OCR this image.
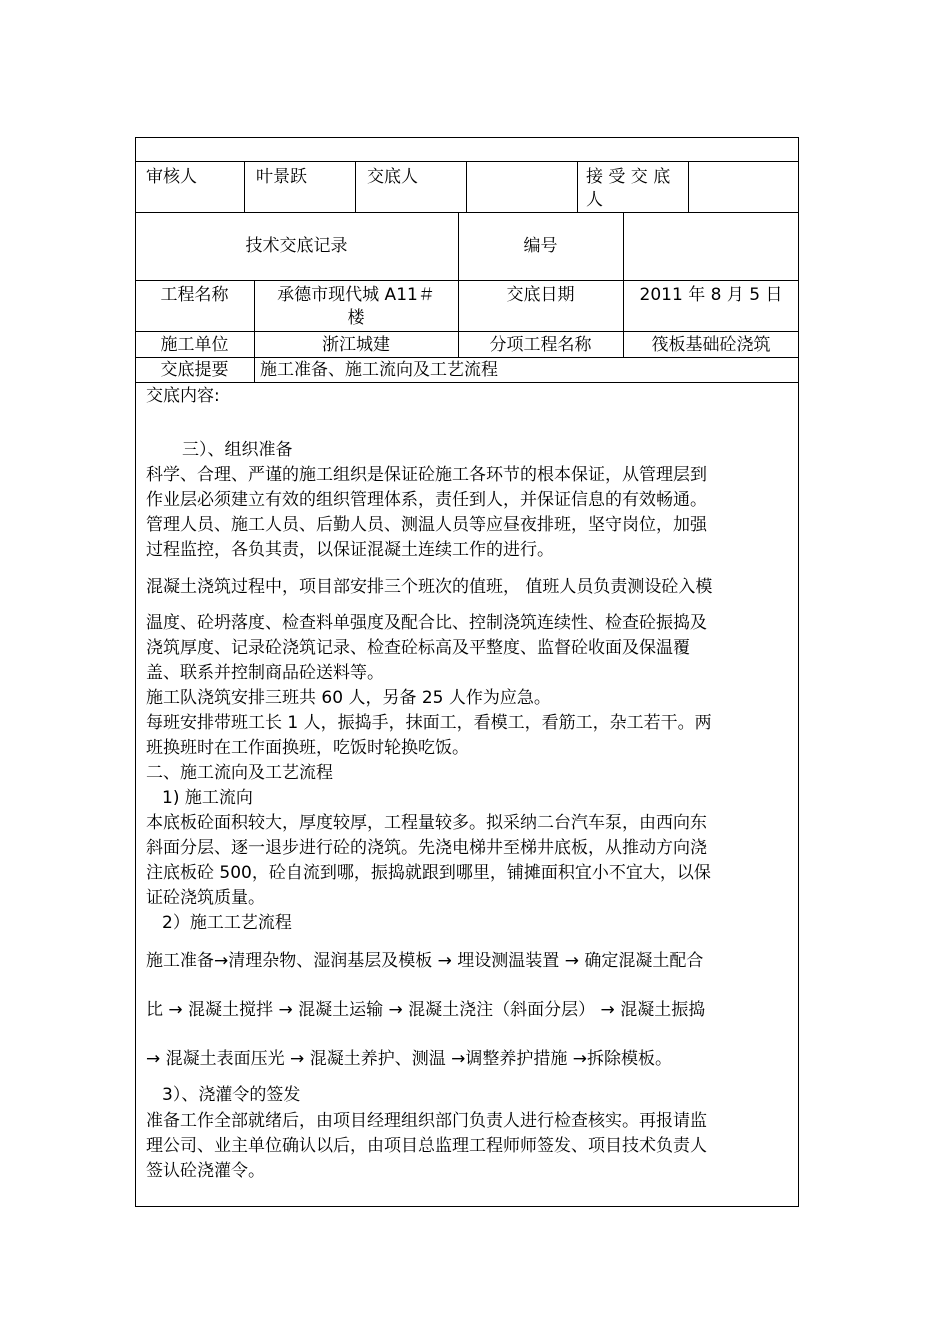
审核人	叶景跃	交底人	接 受 交 底
人
技术交底记录	编号
工程名称	承德市现代城 A11＃
楼
交底日期	2011 年 8 月 5 日
施工单位	浙江城建	分项工程名称	筏板基础砼浇筑
交底提要	施工准备、施工流向及工艺流程
交底内容:
三）、组织准备
科学、合理、严谨的施工组织是保证砼施工各环节的根本保证，从管理层到
作业层必须建立有效的组织管理体系，责任到人，并保证信息的有效畅通。
管理人员、施工人员、后勤人员、测温人员等应昼夜排班，坚守岗位，加强
过程监控，各负其责，以保证混凝土连续工作的进行。
混凝土浇筑过程中，项目部安排三个班次的值班， 值班人员负责测设砼入模
温度、砼坍落度、检查料单强度及配合比、控制浇筑连续性、检查砼振捣及
浇筑厚度、记录砼浇筑记录、检查砼标高及平整度、监督砼收面及保温覆
盖、联系并控制商品砼送料等。
施工队浇筑安排三班共 60 人，另备 25 人作为应急。
每班安排带班工长 1 人，振捣手，抹面工，看模工，看筋工，杂工若干。两
班换班时在工作面换班，吃饭时轮换吃饭。
二、施工流向及工艺流程
1) 施工流向
本底板砼面积较大，厚度较厚，工程量较多。拟采纳二台汽车泵，由西向东
斜面分层、逐一退步进行砼的浇筑。先浇电梯井至梯井底板，从推动方向浇
注底板砼 500，砼自流到哪，振捣就跟到哪里，铺摊面积宜小不宜大，以保
证砼浇筑质量。
2）施工工艺流程
施工准备→清理杂物、湿润基层及模板 → 埋设测温装置 → 确定混凝土配合
比 → 混凝土搅拌 → 混凝土运输 → 混凝土浇注（斜面分层） → 混凝土振捣
→ 混凝土表面压光 → 混凝土养护、测温 →调整养护措施 →拆除模板。
3）、浇灌令的签发
准备工作全部就绪后，由项目经理组织部门负责人进行检查核实。再报请监
理公司、业主单位确认以后，由项目总监理工程师师签发、项目技术负责人
签认砼浇灌令。
